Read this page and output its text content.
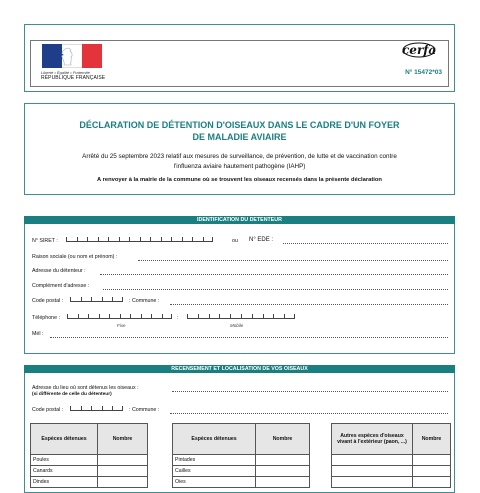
Liberté • Égalité • Fraternité
RÉPUBLIQUE FRANÇAISE
cerfa
N° 15472*03
DÉCLARATION DE DÉTENTION D'OISEAUX DANS LE CADRE D'UN FOYER
DE MALADIE AVIAIRE
Arrêté du 25 septembre 2023 relatif aux mesures de surveillance, de prévention, de lutte et de vaccination contre
l'influenza aviaire hautement pathogène (IAHP)
A renvoyer à la mairie de la commune où se trouvent les oiseaux recensés dans la présente déclaration
IDENTIFICATION DU DETENTEUR
N° SIRET :	ou N° EDE :
Raison sociale (ou nom et prénom) :
Adresse du détenteur :
Complément d'adresse :
Code postal :	: Commune :
Téléphone :	:
Fixe	Mobile
Mél :
RECENSEMENT ET LOCALISATION DE VOS OISEAUX
Adresse du lieu où sont détenus les oiseaux :
(si différente de celle du détenteur)
Code postal :	: Commune :
Espèces détenues	Nombre
Poules	
Canards	
Dindes	
Espèces détenues	Nombre
Pintades	
Cailles	
Oies	
Autres espèces d'oiseaux vivant à l'extérieur (paon, ...)	Nombre
